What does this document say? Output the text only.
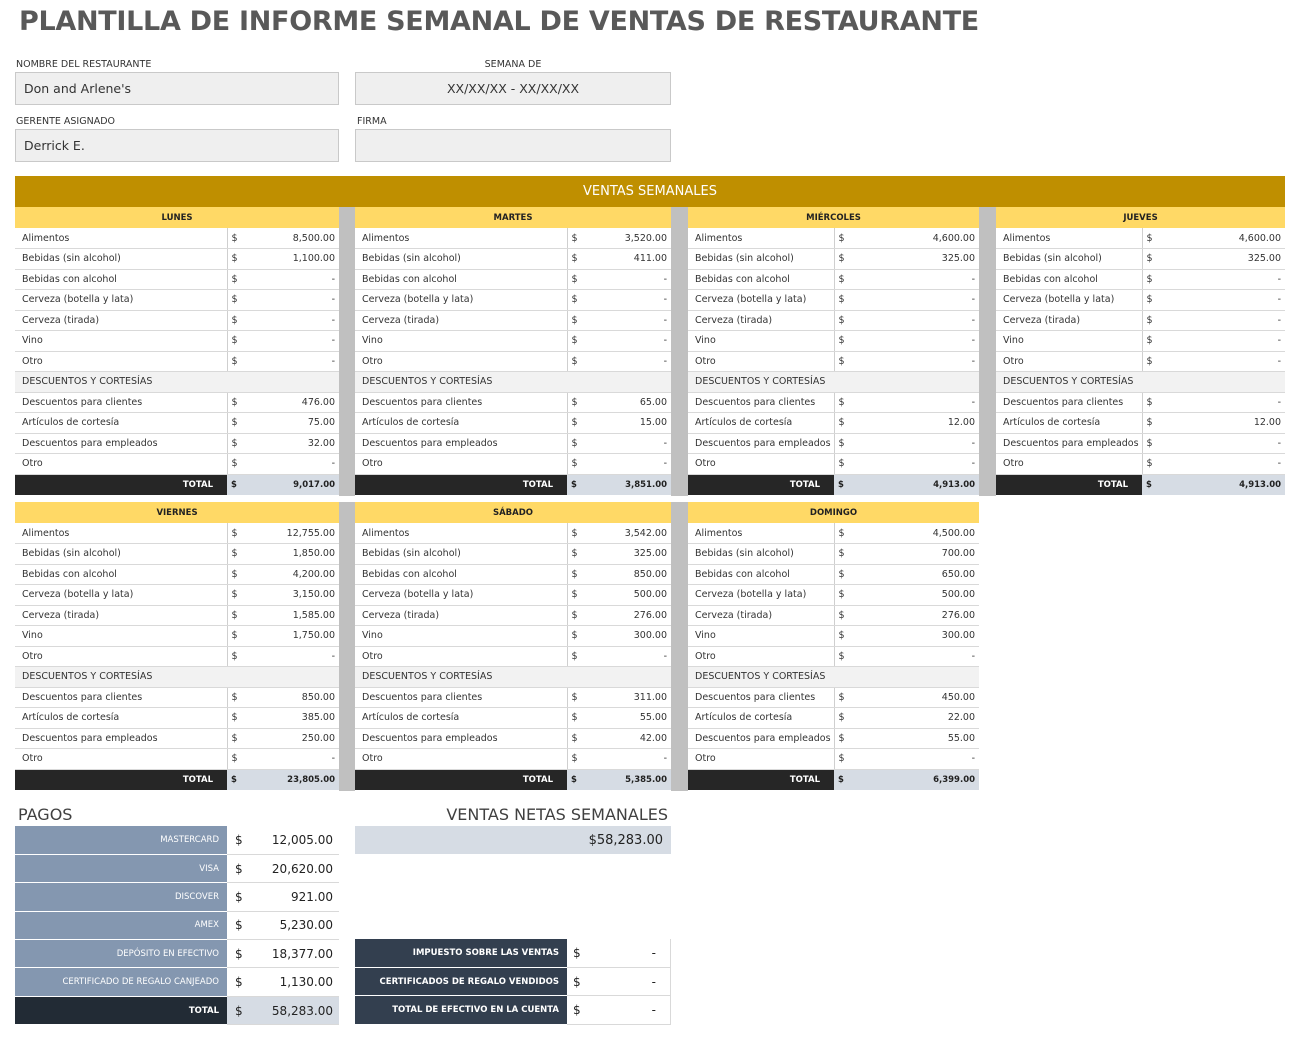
PLANTILLA DE INFORME SEMANAL DE VENTAS DE RESTAURANTE
NOMBRE DEL RESTAURANTE
Don and Arlene's
SEMANA DE
XX/XX/XX - XX/XX/XX
GERENTE ASIGNADO
Derrick E.
FIRMA
VENTAS SEMANALES
LUNES		
Alimentos	$	8,500.00
Bebidas (sin alcohol)	$	1,100.00
Bebidas con alcohol	$	-
Cerveza (botella y lata)	$	-
Cerveza (tirada)	$	-
Vino	$	-
Otro	$	-
DESCUENTOS Y CORTESÍAS		
Descuentos para clientes	$	476.00
Artículos de cortesía	$	75.00
Descuentos para empleados	$	32.00
Otro	$	-
TOTAL	$	9,017.00
MARTES		
Alimentos	$	3,520.00
Bebidas (sin alcohol)	$	411.00
Bebidas con alcohol	$	-
Cerveza (botella y lata)	$	-
Cerveza (tirada)	$	-
Vino	$	-
Otro	$	-
DESCUENTOS Y CORTESÍAS		
Descuentos para clientes	$	65.00
Artículos de cortesía	$	15.00
Descuentos para empleados	$	-
Otro	$	-
TOTAL	$	3,851.00
MIÉRCOLES		
Alimentos	$	4,600.00
Bebidas (sin alcohol)	$	325.00
Bebidas con alcohol	$	-
Cerveza (botella y lata)	$	-
Cerveza (tirada)	$	-
Vino	$	-
Otro	$	-
DESCUENTOS Y CORTESÍAS		
Descuentos para clientes	$	-
Artículos de cortesía	$	12.00
Descuentos para empleados	$	-
Otro	$	-
TOTAL	$	4,913.00
JUEVES		
Alimentos	$	4,600.00
Bebidas (sin alcohol)	$	325.00
Bebidas con alcohol	$	-
Cerveza (botella y lata)	$	-
Cerveza (tirada)	$	-
Vino	$	-
Otro	$	-
DESCUENTOS Y CORTESÍAS		
Descuentos para clientes	$	-
Artículos de cortesía	$	12.00
Descuentos para empleados	$	-
Otro	$	-
TOTAL	$	4,913.00
VIERNES		
Alimentos	$	12,755.00
Bebidas (sin alcohol)	$	1,850.00
Bebidas con alcohol	$	4,200.00
Cerveza (botella y lata)	$	3,150.00
Cerveza (tirada)	$	1,585.00
Vino	$	1,750.00
Otro	$	-
DESCUENTOS Y CORTESÍAS		
Descuentos para clientes	$	850.00
Artículos de cortesía	$	385.00
Descuentos para empleados	$	250.00
Otro	$	-
TOTAL	$	23,805.00
SÁBADO		
Alimentos	$	3,542.00
Bebidas (sin alcohol)	$	325.00
Bebidas con alcohol	$	850.00
Cerveza (botella y lata)	$	500.00
Cerveza (tirada)	$	276.00
Vino	$	300.00
Otro	$	-
DESCUENTOS Y CORTESÍAS		
Descuentos para clientes	$	311.00
Artículos de cortesía	$	55.00
Descuentos para empleados	$	42.00
Otro	$	-
TOTAL	$	5,385.00
DOMINGO		
Alimentos	$	4,500.00
Bebidas (sin alcohol)	$	700.00
Bebidas con alcohol	$	650.00
Cerveza (botella y lata)	$	500.00
Cerveza (tirada)	$	276.00
Vino	$	300.00
Otro	$	-
DESCUENTOS Y CORTESÍAS		
Descuentos para clientes	$	450.00
Artículos de cortesía	$	22.00
Descuentos para empleados	$	55.00
Otro	$	-
TOTAL	$	6,399.00
PAGOS
MASTERCARD	$	12,005.00
VISA	$	20,620.00
DISCOVER	$	921.00
AMEX	$	5,230.00
DEPÓSITO EN EFECTIVO	$	18,377.00
CERTIFICADO DE REGALO CANJEADO	$	1,130.00
TOTAL	$	58,283.00
VENTAS NETAS SEMANALES
$58,283.00
IMPUESTO SOBRE LAS VENTAS	$	-
CERTIFICADOS DE REGALO VENDIDOS	$	-
TOTAL DE EFECTIVO EN LA CUENTA	$	-
